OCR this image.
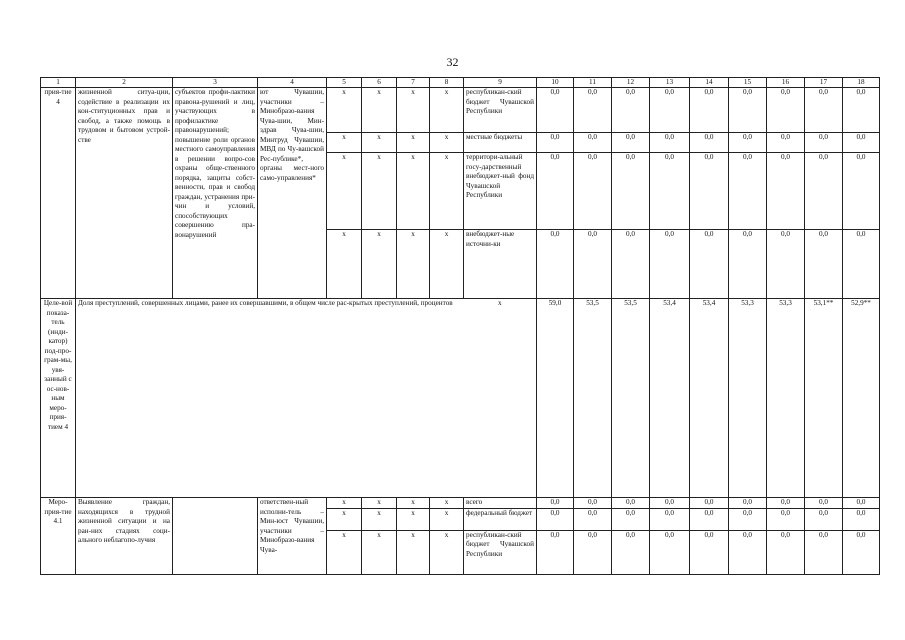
32
1	2	3	4	5	6	7	8	9	10	11	12	13	14	15	16	17	18
прия-тие 4	жизненной ситуа-ции, содействие в реализации их кон-ституционных прав и свобод, а также помощь в трудовом и бытовом устрой-стве	субъектов профи-лактики правона-рушений и лиц, участвующих в профилактике правонарушений; повышение роли органов местного самоуправления в решении вопро-сов охраны обще-ственного порядка, защиты собст-венности, прав и свобод граждан, устранения при-чин и условий, способствующих совершению пра-вонарушений	ют Чувашии, участники – Минобразо-вания Чува-шии, Мин-здрав Чува-шии, Минтруд Чувашии, МВД по Чу-вашской Рес-публике*, органы мест-ного само-управления*	x	x	x	x	республикан-ский бюджет Чувашской Республики	0,0	0,0	0,0	0,0	0,0	0,0	0,0	0,0	0,0
				x	x	x	x	местные бюджеты	0,0	0,0	0,0	0,0	0,0	0,0	0,0	0,0	0,0
				x	x	x	x	территори-альный госу-дарственный внебюджет-ный фонд Чувашской Республики	0,0	0,0	0,0	0,0	0,0	0,0	0,0	0,0	0,0
				x	x	x	x	внебюджет-ные источни-ки	0,0	0,0	0,0	0,0	0,0	0,0	0,0	0,0	0,0
Целе-вой показа-тель (инди-катор) под-про-грам-мы, увя-занный с ос-нов-ным меро-прия-тием 4	Доля преступлений, совершенных лицами, ранее их совершавшими, в общем числе рас-крытых преступлений, процентов							x	59,0	53,5	53,5	53,4	53,4	53,3	53,3	53,1**	52,9**
Меро-прия-тие 4.1	Выявление граждан, находящихся в трудной жизненной ситуации и на ран-них стадиях соци-ального неблагопо-лучия		ответствен-ный исполни-тель – Мин-юст Чувашии, участники – Минобразо-вания Чува-	x	x	x	x	всего	0,0	0,0	0,0	0,0	0,0	0,0	0,0	0,0	0,0
				x	x	x	x	федеральный бюджет	0,0	0,0	0,0	0,0	0,0	0,0	0,0	0,0	0,0
				x	x	x	x	республикан-ский бюджет Чувашской Республики	0,0	0,0	0,0	0,0	0,0	0,0	0,0	0,0	0,0
